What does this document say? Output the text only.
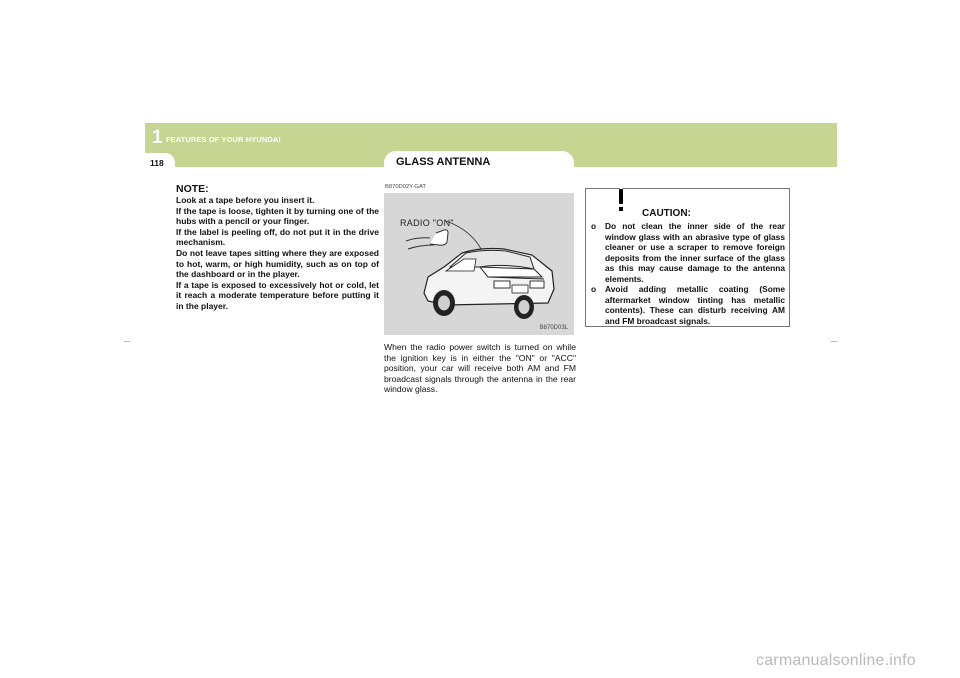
1 FEATURES OF YOUR HYUNDAI
118	GLASS ANTENNA

NOTE:

Look at a tape before you insert it.

If the tape is loose, tighten it by turning one of the hubs with a pencil or your finger.

If the label is peeling off, do not put it in the drive mechanism.

Do not leave tapes sitting where they are exposed to hot, warm, or high humidity, such as on top of the dashboard or in the player.

If a tape is exposed to excessively hot or cold, let it reach a moderate temperature before putting it in the player.

B870D02Y-GAT
RADIO "ON"
B870D03L

When the radio power switch is turned on while the ignition key is in either the "ON" or "ACC" position, your car will receive both AM and FM broadcast signals through the antenna in the rear window glass.

CAUTION:
o	Do not clean the inner side of the rear window glass with an abrasive type of glass cleaner or use a scraper to remove foreign deposits from the inner surface of the glass as this may cause damage to the antenna elements.
o	Avoid adding metallic coating (Some aftermarket window tinting has metallic contents). These can disturb receiving AM and FM broadcast signals.
carmanualsonline.info
